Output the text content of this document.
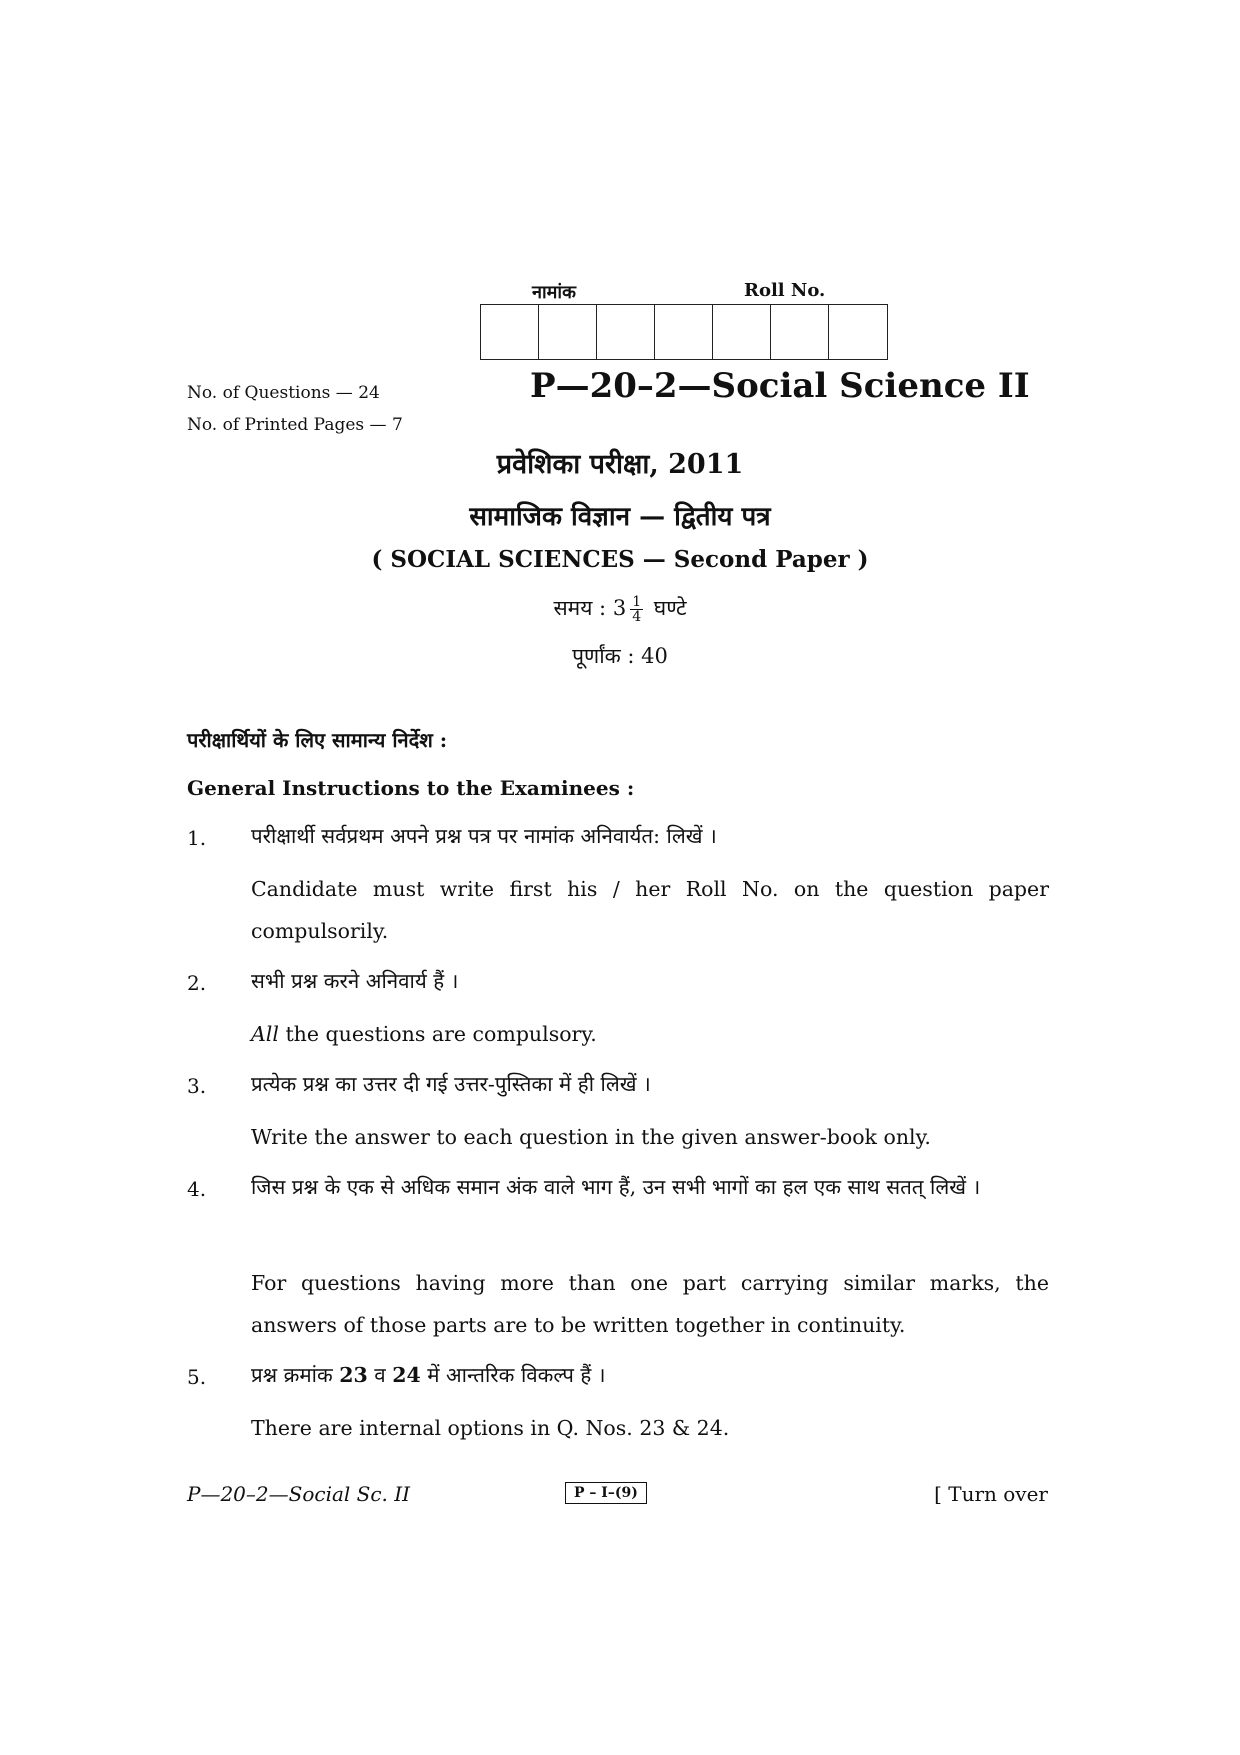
नामांक	Roll No.
No. of Questions — 24
No. of Printed Pages — 7
P—20–2—Social Science II
प्रवेशिका परीक्षा, 2011
सामाजिक विज्ञान — द्वितीय पत्र
( SOCIAL SCIENCES — Second Paper )
समय : $3 \frac{1}{4}$ घण्टे
पूर्णांक : 40
परीक्षार्थियों के लिए सामान्य निर्देश :
General Instructions to the Examinees :
1. परीक्षार्थी सर्वप्रथम अपने प्रश्न पत्र पर नामांक अनिवार्यत: लिखें ।
Candidate must write first his / her Roll No. on the question paper compulsorily.
2. सभी प्रश्न करने अनिवार्य हैं ।
All the questions are compulsory.
3. प्रत्येक प्रश्न का उत्तर दी गई उत्तर-पुस्तिका में ही लिखें ।
Write the answer to each question in the given answer-book only.
4. जिस प्रश्न के एक से अधिक समान अंक वाले भाग हैं, उन सभी भागों का हल एक साथ सतत् लिखें ।
For questions having more than one part carrying similar marks, the answers of those parts are to be written together in continuity.
5. प्रश्न क्रमांक 23 व 24 में आन्तरिक विकल्प हैं ।
There are internal options in Q. Nos. 23 & 24.
P—20–2—Social Sc. II	P – I–(9)	[ Turn over
